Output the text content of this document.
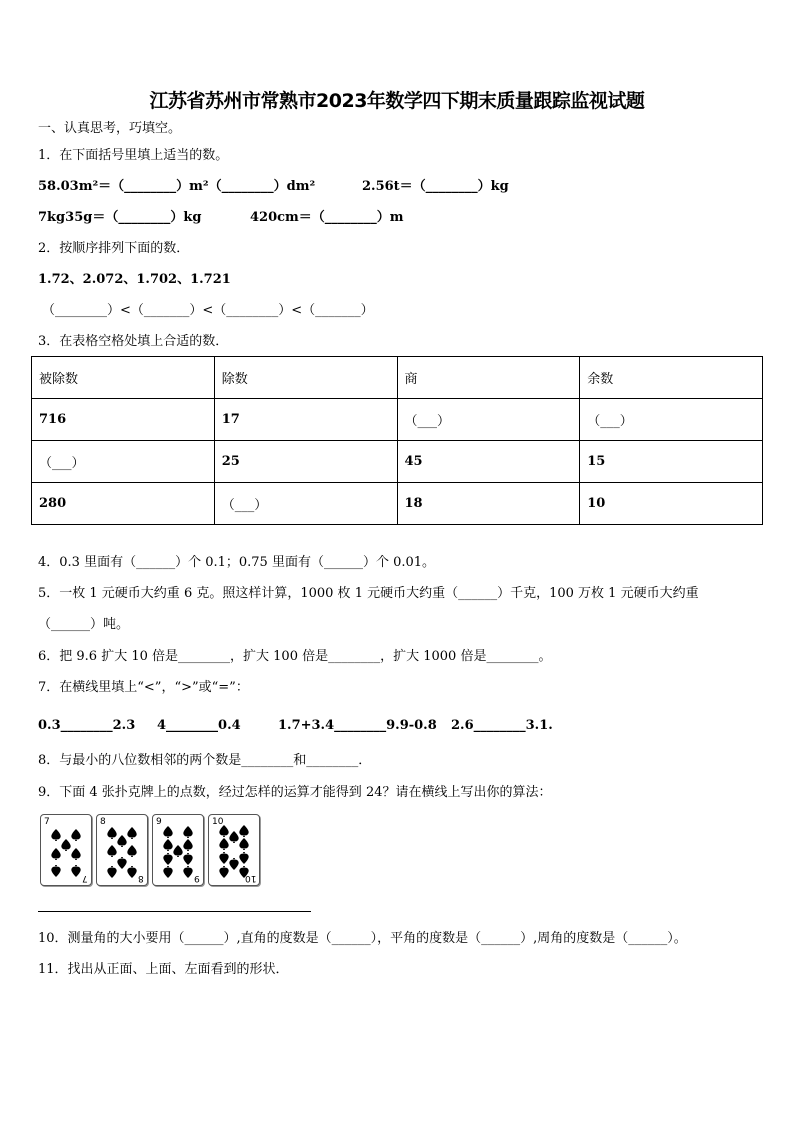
江苏省苏州市常熟市2023年数学四下期末质量跟踪监视试题
一、认真思考，巧填空。
1．在下面括号里填上适当的数。
58.03m²＝（________）m²（________）dm²	2.56t＝（________）kg
7kg35g＝（________）kg	420cm＝（________）m
2．按顺序排列下面的数．
1.72、2.072、1.702、1.721
（________）<（_______）<（________）<（_______）
3．在表格空格处填上合适的数．
被除数	除数	商	余数
716	17	（___）	（___）
（___）	25	45	15
280	（___）	18	10
4．0.3 里面有（______）个 0.1；0.75 里面有（______）个 0.01。
5．一枚 1 元硬币大约重 6 克。照这样计算，1000 枚 1 元硬币大约重（______）千克，100 万枚 1 元硬币大约重
（______）吨。
6．把 9.6 扩大 10 倍是________，扩大 100 倍是________，扩大 1000 倍是________。
7．在横线里填上“<”，“>”或“=”：
0.3________2.3 4________0.4	1.7+3.4________9.9-0.8 2.6________3.1.
8．与最小的八位数相邻的两个数是________和________．
9．下面 4 张扑克牌上的点数，经过怎样的运算才能得到 24？请在横线上写出你的算法：
7
7
8
8
9
9
10
10
10．测量角的大小要用（______）,直角的度数是（______），平角的度数是（______）,周角的度数是（______）。
11．找出从正面、上面、左面看到的形状．
